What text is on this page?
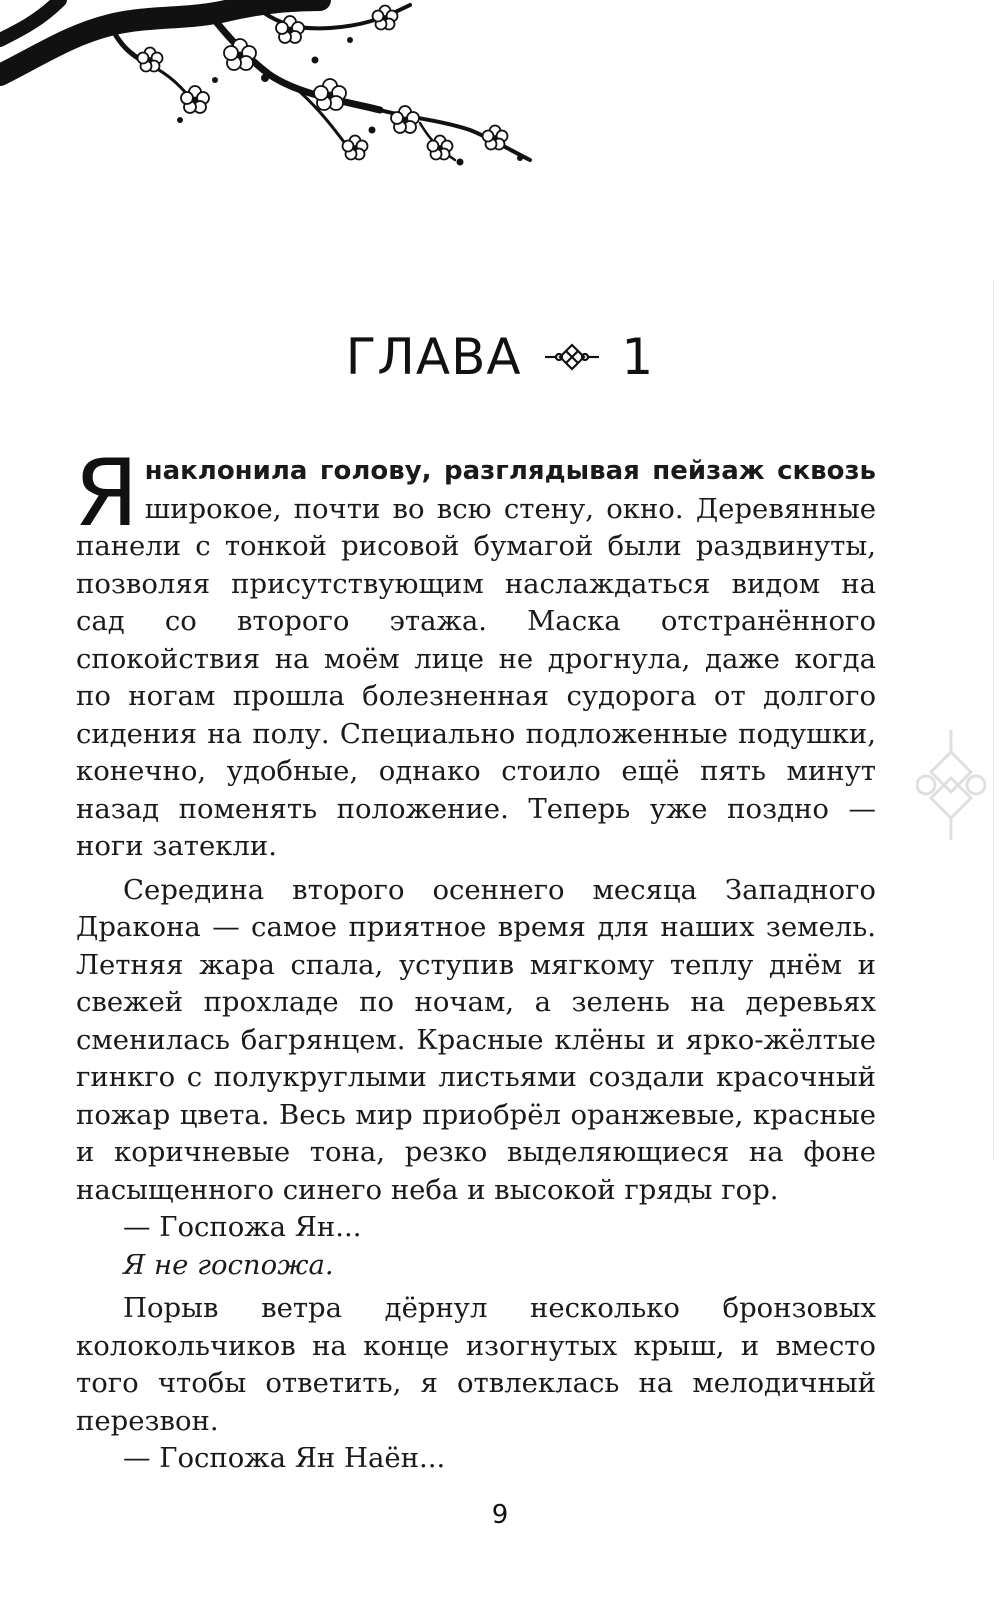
ГЛАВА 1

Янаклонила голову, разглядывая пейзаж сквозь широкое, почти во всю стену, окно. Деревянные панели с тонкой рисовой бумагой были раздвинуты, позволяя присутствующим наслаждаться видом на сад со второго этажа. Маска отстранённого спокойствия на моём лице не дрогнула, даже когда по ногам прошла болезненная судорога от долгого сидения на полу. Специально подложенные подушки, конечно, удобные, однако стоило ещё пять минут назад поменять положение. Теперь уже поздно — ноги затекли.

Середина второго осеннего месяца Западного Дракона — самое приятное время для наших земель. Летняя жара спала, уступив мягкому теплу днём и свежей прохладе по ночам, а зелень на деревьях сменилась багрянцем. Красные клёны и ярко-жёлтые гинкго с полукруглыми листьями создали красочный пожар цвета. Весь мир приобрёл оранжевые, красные и коричневые тона, резко выделяющиеся на фоне насыщенного синего неба и высокой гряды гор.

— Госпожа Ян...

Я не госпожа.

Порыв ветра дёрнул несколько бронзовых колокольчиков на конце изогнутых крыш, и вместо того чтобы ответить, я отвлеклась на мелодичный перезвон.

— Госпожа Ян Наён...

9
